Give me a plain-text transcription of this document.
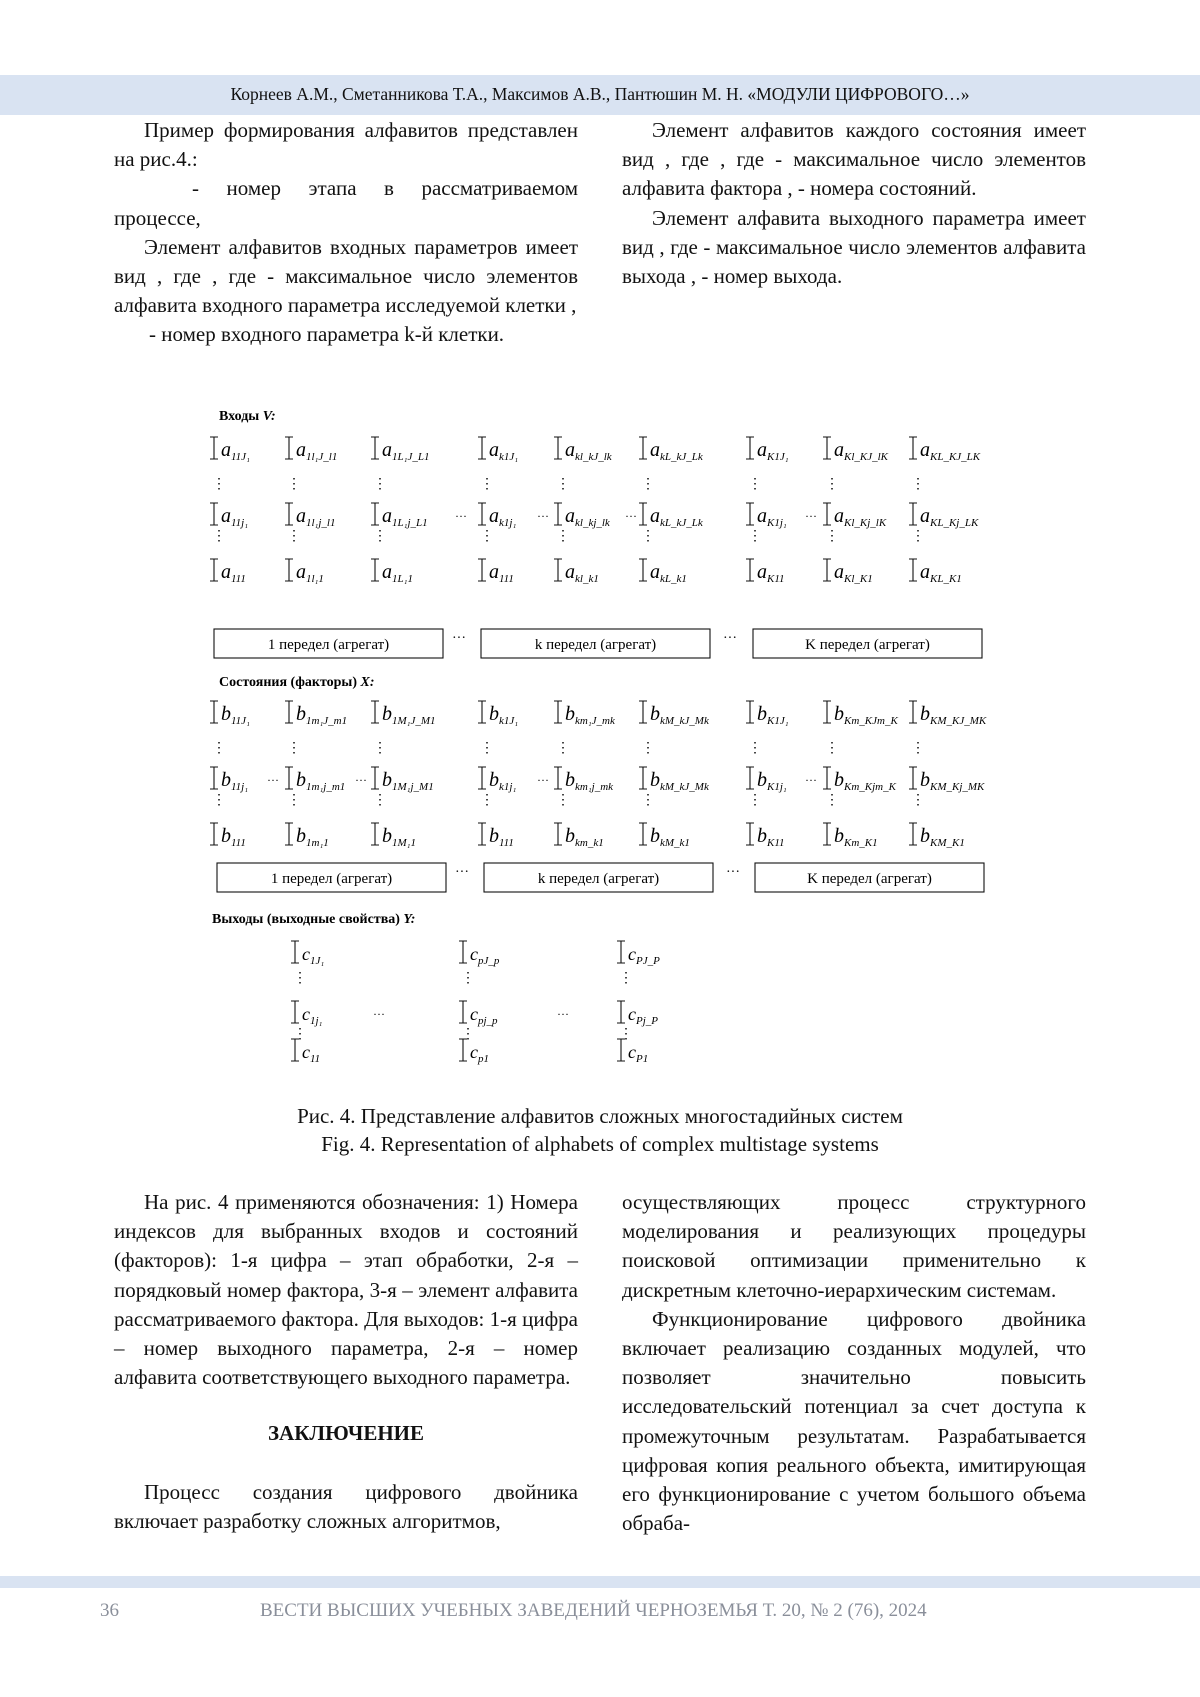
Корнеев А.М., Сметанникова Т.А., Максимов А.В., Пантюшин М. Н. «МОДУЛИ ЦИФРОВОГО…»

Пример формирования алфавитов представлен на рис.4.:

- номер этапа в рассматриваемом процессе,

Элемент алфавитов входных параметров имеет вид , где , где - максимальное число элементов алфавита входного параметра исследуемой клетки ,

- номер входного параметра k-й клетки.

Элемент алфавитов каждого состояния имеет вид , где , где - максимальное число элементов алфавита фактора , - номера состояний.

Элемент алфавита выходного параметра имеет вид , где - максимальное число элементов алфавита выхода , - номер выхода.

Входы V:
$a_{11J_1}$ $a_{1l_1J\_l1}$ $a_{1L_1J\_L1}$	$a_{k1J_1}$ $a_{kl\_kJ\_lk}$ $a_{kL\_kJ\_Lk}$	$a_{K1J_1}$ $a_{Kl\_KJ\_lK}$ $a_{KL\_KJ\_LK}$
$a_{11j_1}$ $a_{1l_1j\_l1}$ $a_{1L_1j\_L1}$	$a_{k1j_1}$ $a_{kl\_kj\_lk}$ $a_{kL\_kJ\_Lk}$	$a_{K1j_1}$ $a_{Kl\_Kj\_lK}$ $a_{KL\_Kj\_LK}$
$a_{111}$	$a_{1l_11}$	$a_{1L_11}$	$a_{111}$	$a_{kl\_k1}$	$a_{kL\_k1}$	$a_{K11}$ $a_{Kl\_K1}$ $a_{KL\_K1}$
⋮
⋮
⋮
⋮
⋮
⋮
⋮
⋮
⋮
⋮
⋮
⋮
⋮
⋮
⋮
⋮
⋮
⋮
···	···	···	···
1 передел (агрегат)	k передел (агрегат)	K передел (агрегат)
···	···
Состояния (факторы) X:
$b_{11J_1}$ $b_{1m_1J\_m1}$ $b_{1M_1J\_M1}$	$b_{k1J_1}$ $b_{km_1J\_mk}$ $b_{kM\_kJ\_Mk}$ $b_{K1J_1}$ $b_{Km\_KJm\_K}$ $b_{KM\_KJ\_MK}$
$b_{11j_1}$ $b_{1m_1j\_m1}$ $b_{1M_1j\_M1}$	$b_{k1j_1}$ $b_{km_1j\_mk}$ $b_{kM\_kJ\_Mk}$ $b_{K1j_1}$ $b_{Km\_Kjm\_K}$ $b_{KM\_Kj\_MK}$
$b_{111}$	$b_{1m_11}$	$b_{1M_11}$	$b_{111}$	$b_{km\_k1}$ $b_{kM\_k1}$	$b_{K11}$ $b_{Km\_K1}$ $b_{KM\_K1}$
⋮
⋮
⋮
⋮
⋮
⋮
⋮
⋮
⋮
⋮
⋮
⋮
⋮
⋮
⋮
⋮
⋮
⋮
···	···	···	···
1 передел (агрегат)	k передел (агрегат)	K передел (агрегат)
···	···
Выходы (выходные свойства) Y:
$c_{1J_1}$	$c_{pJ\_p}$	$c_{PJ\_P}$
$c_{1j_1}$	$c_{pj\_p}$	$c_{Pj\_P}$
$c_{11}$	$c_{p1}$	$c_{P1}$
⋮
⋮
⋮
⋮
⋮
⋮
···	···
Рис. 4. Представление алфавитов сложных многостадийных систем
Fig. 4. Representation of alphabets of complex multistage systems

На рис. 4 применяются обозначения: 1) Номера индексов для выбранных входов и состояний (факторов): 1-я цифра – этап обработки, 2-я – порядковый номер фактора, 3-я – элемент алфавита рассматриваемого фактора. Для выходов: 1-я цифра – номер выходного параметра, 2-я – номер алфавита соответствующего выходного параметра.

ЗАКЛЮЧЕНИЕ

Процесс создания цифрового двойника включает разработку сложных алгоритмов,

осуществляющих процесс структурного моделирования и реализующих процедуры поисковой оптимизации применительно к дискретным клеточно-иерархическим системам.

Функционирование цифрового двойника включает реализацию созданных модулей, что позволяет значительно повысить исследовательский потенциал за счет доступа к промежуточным результатам. Разрабатывается цифровая копия реального объекта, имитирующая его функционирование с учетом большого объема обраба-

36	ВЕСТИ ВЫСШИХ УЧЕБНЫХ ЗАВЕДЕНИЙ ЧЕРНОЗЕМЬЯ Т. 20, № 2 (76), 2024
